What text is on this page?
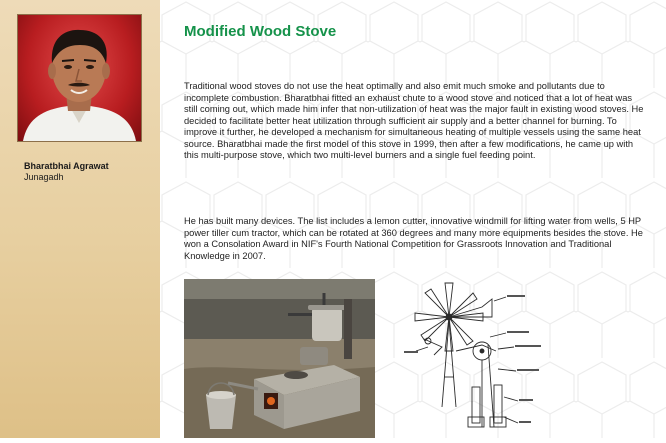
Bharatbhai Agrawat
Junagadh
Modified Wood Stove

Traditional wood stoves do not use the heat optimally and also emit much smoke and pollutants due to incomplete combustion. Bharatbhai fitted an exhaust chute to a wood stove and noticed that a lot of heat was still coming out, which made him infer that non-utilization of heat was the major fault in existing wood stoves. He decided to facilitate better heat utilization through sufficient air supply and a better channel for burning. To improve it further, he developed a mechanism for simultaneous heating of multiple vessels using the same heat source. Bharatbhai made the first model of this stove in 1999, then after a few modifications, he came up with this multi-purpose stove, which two multi-level burners and a single fuel feeding point.

He has built many devices. The list includes a lemon cutter, innovative windmill for lifting water from wells, 5 HP power tiller cum tractor, which can be rotated at 360 degrees and many more equipments besides the stove. He won a Consolation Award in NIF's Fourth National Competition for Grassroots Innovation and Traditional Knowledge in 2007.
